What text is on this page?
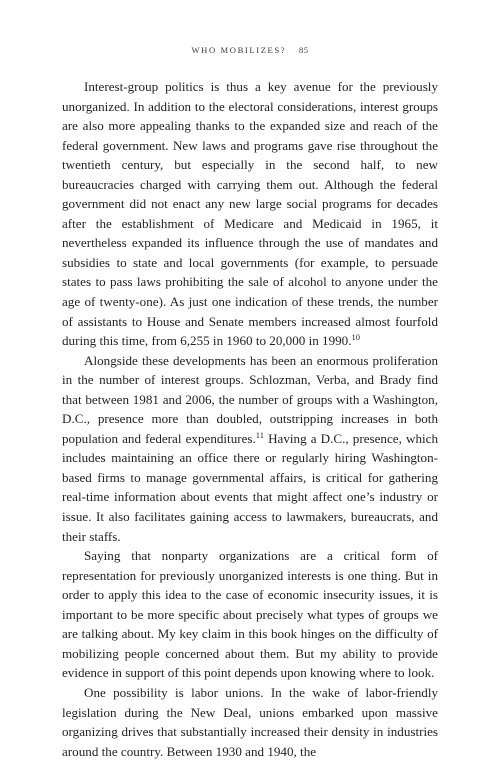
WHO MOBILIZES? 85

Interest-group politics is thus a key avenue for the previously unorganized. In addition to the electoral considerations, interest groups are also more appealing thanks to the expanded size and reach of the federal government. New laws and programs gave rise throughout the twentieth century, but especially in the second half, to new bureaucracies charged with carrying them out. Although the federal government did not enact any new large social programs for decades after the establishment of Medicare and Medicaid in 1965, it nevertheless expanded its influence through the use of mandates and subsidies to state and local governments (for example, to persuade states to pass laws prohibiting the sale of alcohol to anyone under the age of twenty-one). As just one indication of these trends, the number of assistants to House and Senate members increased almost fourfold during this time, from 6,255 in 1960 to 20,000 in 1990.10

Alongside these developments has been an enormous proliferation in the number of interest groups. Schlozman, Verba, and Brady find that between 1981 and 2006, the number of groups with a Washington, D.C., presence more than doubled, outstripping increases in both population and federal expenditures.$^{11}$ Having a D.C., presence, which includes maintaining an office there or regularly hiring Washington-based firms to manage governmental affairs, is critical for gathering real-time information about events that might affect one’s industry or issue. It also facilitates gaining access to lawmakers, bureaucrats, and their staffs.

Saying that nonparty organizations are a critical form of representation for previously unorganized interests is one thing. But in order to apply this idea to the case of economic insecurity issues, it is important to be more specific about precisely what types of groups we are talking about. My key claim in this book hinges on the difficulty of mobilizing people concerned about them. But my ability to provide evidence in support of this point depends upon knowing where to look.

One possibility is labor unions. In the wake of labor-friendly legislation during the New Deal, unions embarked upon massive organizing drives that substantially increased their density in industries around the country. Between 1930 and 1940, the
